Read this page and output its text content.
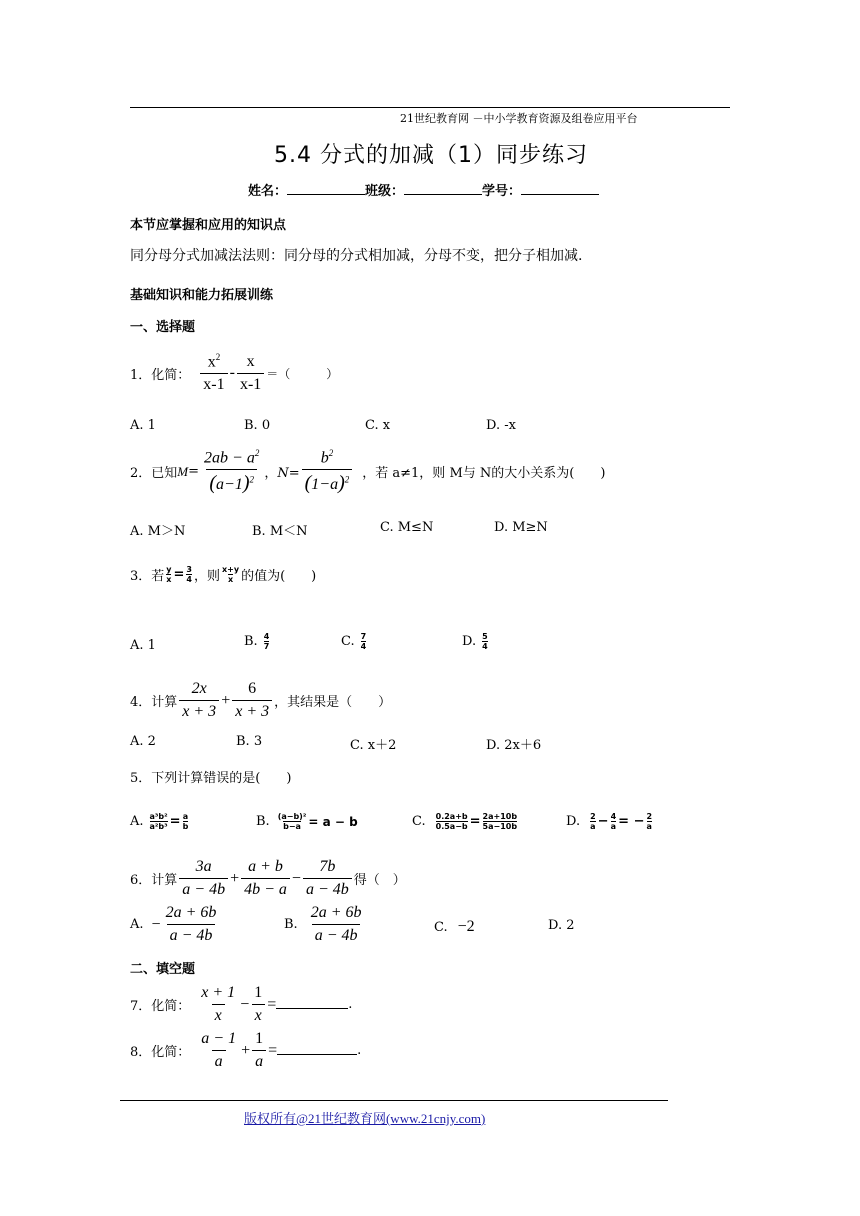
21世纪教育网 －中小学教育资源及组卷应用平台
5.4 分式的加减（1）同步练习
姓名：	班级：	学号：
本节应掌握和应用的知识点
同分母分式加减法法则：同分母的分式相加减，分母不变，把分子相加减.
基础知识和能力拓展训练
一、选择题
1．化简： $\frac{x^2}{x-1} - \frac{x}{x-1}$ ＝（　　　）
A. 1	B. 0	C. x	D. -x
2．已知 $M = \frac{2ab - a^2}{(a-1)^2}$ ，$N= \frac{b^2}{(1-a)^2}$ ，若 a≠1，则 M与 N的大小关系为(　　)
A. M＞N	B. M＜N	C. M≤N	D. M≥N
3．若 $\frac{y}{x} = \frac{3}{4}$ ，则 $\frac{x+y}{x}$ 的值为(　　)
A. 1	B. $\frac{4}{7}$	C. $\frac{7}{4}$	D. $\frac{5}{4}$
4．计算 $\frac{2x}{x + 3} + \frac{6}{x + 3}$ ，其结果是（　　）
A. 2	B. 3	C. x＋2	D. 2x＋6
5．下列计算错误的是(　　)
A. $\frac{\text{a³b²}}{\text{a²b³}} = \frac{a}{b}$	B. $\frac{\text{(a−b)²}}{b-a} = a - b$	C. $\frac{0.2a+b}{0.5a-b} = \frac{2a+10b}{5a-10b}$	D. $\frac{2}{a} - \frac{4}{a}$ = − $\frac{2}{a}$
6．计算 $\frac{3a}{a - 4b} + \frac{a + b}{4b - a} - \frac{7b}{a - 4b}$ 得（　）
A. − $\frac{2a + 6b}{a - 4b}$	B. $\frac{2a + 6b}{a - 4b}$	C. −2	D. 2
二、填空题
7．化简： $\frac{x + 1}{x} - \frac{1}{x}$ =	.
8．化简： $\frac{a - 1}{a} + \frac{1}{a}$ =	.
版权所有@21世纪教育网(www.21cnjy.com)
